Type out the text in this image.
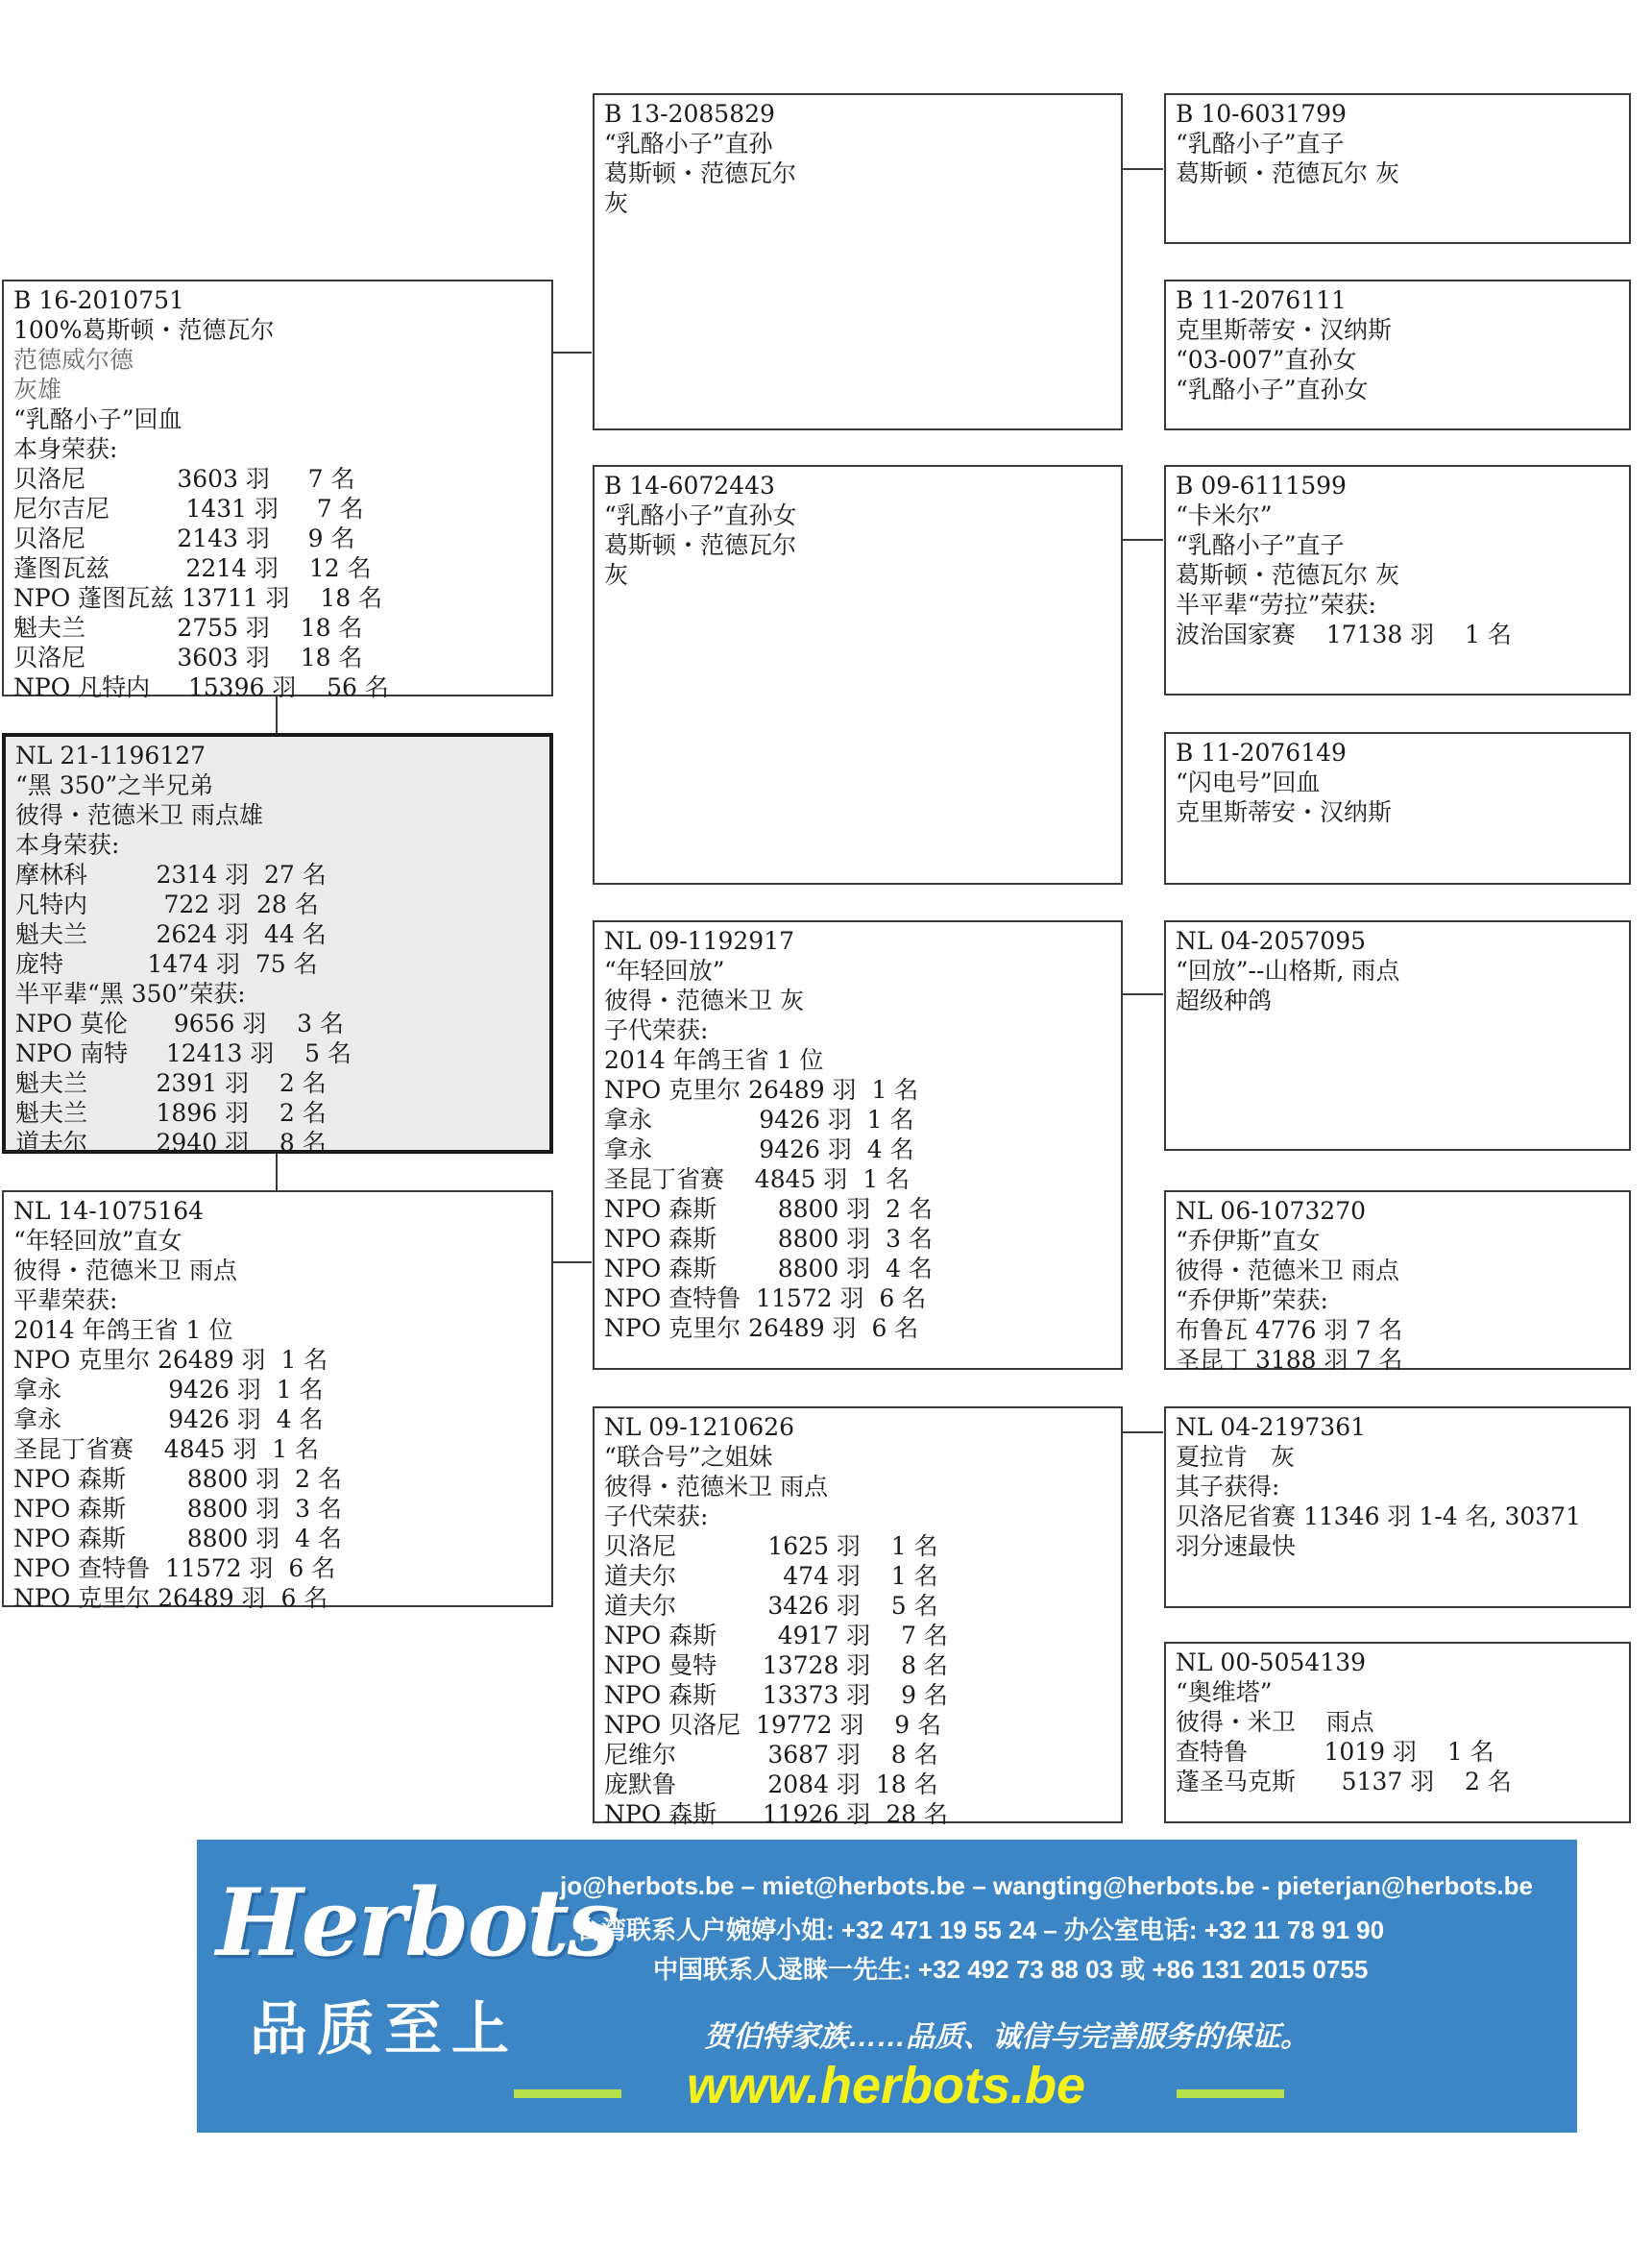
NL 21-1196127
“黑 350”之半兄弟
彼得・范德米卫 雨点雄
本身荣获:
摩林科         2314 羽  27 名
凡特内          722 羽  28 名
魁夫兰         2624 羽  44 名
庞特           1474 羽  75 名
半平辈“黑 350”荣获:
NPO 莫伦      9656 羽    3 名
NPO 南特     12413 羽    5 名
魁夫兰         2391 羽    2 名
魁夫兰         1896 羽    2 名
道夫尔         2940 羽    8 名
B 16-2010751
100%葛斯顿・范德瓦尔
范德威尔德
灰雄
“乳酪小子”回血
本身荣获:
贝洛尼            3603 羽     7 名
尼尔吉尼          1431 羽     7 名
贝洛尼            2143 羽     9 名
蓬图瓦兹          2214 羽    12 名
NPO 蓬图瓦兹 13711 羽    18 名
魁夫兰            2755 羽    18 名
贝洛尼            3603 羽    18 名
NPO 凡特内     15396 羽    56 名
NL 14-1075164
“年轻回放”直女
彼得・范德米卫 雨点
平辈荣获:
2014 年鸽王省 1 位
NPO 克里尔 26489 羽  1 名
拿永              9426 羽  1 名
拿永              9426 羽  4 名
圣昆丁省赛    4845 羽  1 名
NPO 森斯        8800 羽  2 名
NPO 森斯        8800 羽  3 名
NPO 森斯        8800 羽  4 名
NPO 查特鲁  11572 羽  6 名
NPO 克里尔 26489 羽  6 名
B 13-2085829
“乳酪小子”直孙
葛斯顿・范德瓦尔
灰
B 14-6072443
“乳酪小子”直孙女
葛斯顿・范德瓦尔
灰
NL 09-1192917
“年轻回放”
彼得・范德米卫 灰
子代荣获:
2014 年鸽王省 1 位
NPO 克里尔 26489 羽  1 名
拿永              9426 羽  1 名
拿永              9426 羽  4 名
圣昆丁省赛    4845 羽  1 名
NPO 森斯        8800 羽  2 名
NPO 森斯        8800 羽  3 名
NPO 森斯        8800 羽  4 名
NPO 查特鲁  11572 羽  6 名
NPO 克里尔 26489 羽  6 名
NL 09-1210626
“联合号”之姐妹
彼得・范德米卫 雨点
子代荣获:
贝洛尼            1625 羽    1 名
道夫尔              474 羽    1 名
道夫尔            3426 羽    5 名
NPO 森斯        4917 羽    7 名
NPO 曼特      13728 羽    8 名
NPO 森斯      13373 羽    9 名
NPO 贝洛尼  19772 羽    9 名
尼维尔            3687 羽    8 名
庞默鲁            2084 羽  18 名
NPO 森斯      11926 羽  28 名
B 10-6031799
“乳酪小子”直子
葛斯顿・范德瓦尔 灰
B 11-2076111
克里斯蒂安・汉纳斯
“03-007”直孙女
“乳酪小子”直孙女
B 09-6111599
“卡米尔”
“乳酪小子”直子
葛斯顿・范德瓦尔 灰
半平辈“劳拉”荣获:
波治国家赛    17138 羽    1 名
B 11-2076149
“闪电号”回血
克里斯蒂安・汉纳斯
NL 04-2057095
“回放”--山格斯, 雨点
超级种鸽
NL 06-1073270
“乔伊斯”直女
彼得・范德米卫 雨点
“乔伊斯”荣获:
布鲁瓦 4776 羽 7 名
圣昆丁 3188 羽 7 名
NL 04-2197361
夏拉肯   灰
其子获得:
贝洛尼省赛 11346 羽 1-4 名, 30371
羽分速最快
NL 00-5054139
“奥维塔”
彼得・米卫    雨点
查特鲁          1019 羽    1 名
蓬圣马克斯      5137 羽    2 名
Herbots
品质至上
jo@herbots.be – miet@herbots.be – wangting@herbots.be - pieterjan@herbots.be
台湾联系人户婉婷小姐: +32 471 19 55 24 – 办公室电话: +32 11 78 91 90
中国联系人逯睐一先生: +32 492 73 88 03 或 +86 131 2015 0755
贺伯特家族……品质、诚信与完善服务的保证。
www.herbots.be
